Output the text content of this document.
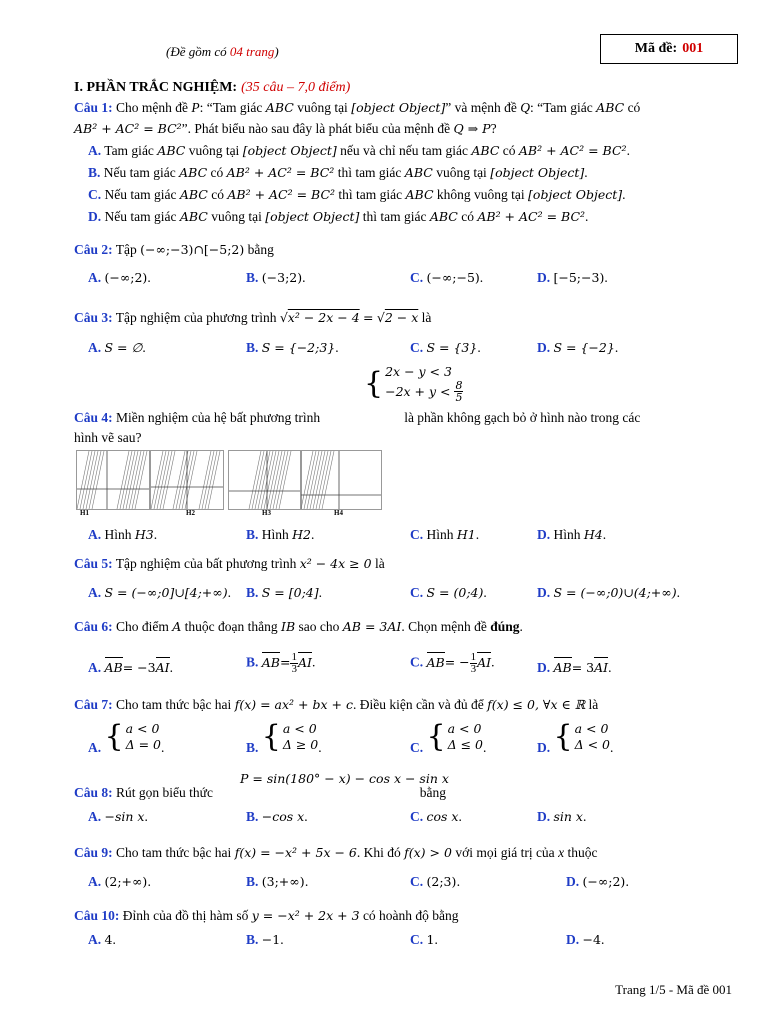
(Đề gồm có 04 trang)	Mã đề: 001
I. PHẦN TRẮC NGHIỆM: (35 câu – 7,0 điểm)
Câu 1: Cho mệnh đề P: “Tam giác ABC vuông tại [object Object]” và mệnh đề Q: “Tam giác ABC có
AB² + AC² = BC²”. Phát biểu nào sau đây là phát biểu của mệnh đề Q ⇒ P?
A. Tam giác ABC vuông tại [object Object] nếu và chỉ nếu tam giác ABC có AB² + AC² = BC².
B. Nếu tam giác ABC có AB² + AC² = BC² thì tam giác ABC vuông tại [object Object].
C. Nếu tam giác ABC có AB² + AC² = BC² thì tam giác ABC không vuông tại [object Object].
D. Nếu tam giác ABC vuông tại [object Object] thì tam giác ABC có AB² + AC² = BC².
Câu 2: Tập (−∞;−3)∩[−5;2) bằng
A. (−∞;2).	B. (−3;2).	C. (−∞;−5).	D. [−5;−3).
Câu 3: Tập nghiệm của phương trình √x² − 2x − 4 = √2 − x là
A. S = ∅.	B. S = {−2;3}.	C. S = {3}.	D. S = {−2}.
{ 2x − y < 3
−2x + y <
$\frac{8}{5}$
Câu 4: Miền nghiệm của hệ bất phương trình	là phần không gạch bỏ ở hình nào trong các
hình vẽ sau?
H1	H2	H3	H4
A. Hình H3.	B. Hình H2.	C. Hình H1.	D. Hình H4.
Câu 5: Tập nghiệm của bất phương trình x² − 4x ≥ 0 là
A. S = (−∞;0]∪[4;+∞). B. S = [0;4].	C. S = (0;4).	D. S = (−∞;0)∪(4;+∞).
Câu 6: Cho điểm A thuộc đoạn thẳng IB sao cho AB = 3AI. Chọn mệnh đề đúng.
A. AB= −3AI.	B. $AB= \frac{1}{3}$ AI.	C. $AB= - \frac{1}{3}$ AI.	D. AB= 3AI.
Câu 7: Cho tam thức bậc hai f(x) = ax² + bx + c. Điều kiện cần và đủ để f(x) ≤ 0, ∀x ∈ ℝ là
A.
{ a < 0
Δ = 0 .	B.
{ a < 0
Δ ≥ 0 .	C.
{ a < 0
Δ ≤ 0 .	D.
{ a < 0
Δ < 0 .
P = sin(180° − x) − cos x − sin x
Câu 8: Rút gọn biểu thức	bằng
A. −sin x.	B. −cos x.	C. cos x.	D. sin x.
Câu 9: Cho tam thức bậc hai f(x) = −x² + 5x − 6. Khi đó f(x) > 0 với mọi giá trị của x thuộc
A. (2;+∞).	B. (3;+∞).	C. (2;3).	D. (−∞;2).
Câu 10: Đỉnh của đồ thị hàm số y = −x² + 2x + 3 có hoành độ bằng
A. 4.	B. −1.	C. 1.	D. −4.
Trang 1/5 - Mã đề 001
